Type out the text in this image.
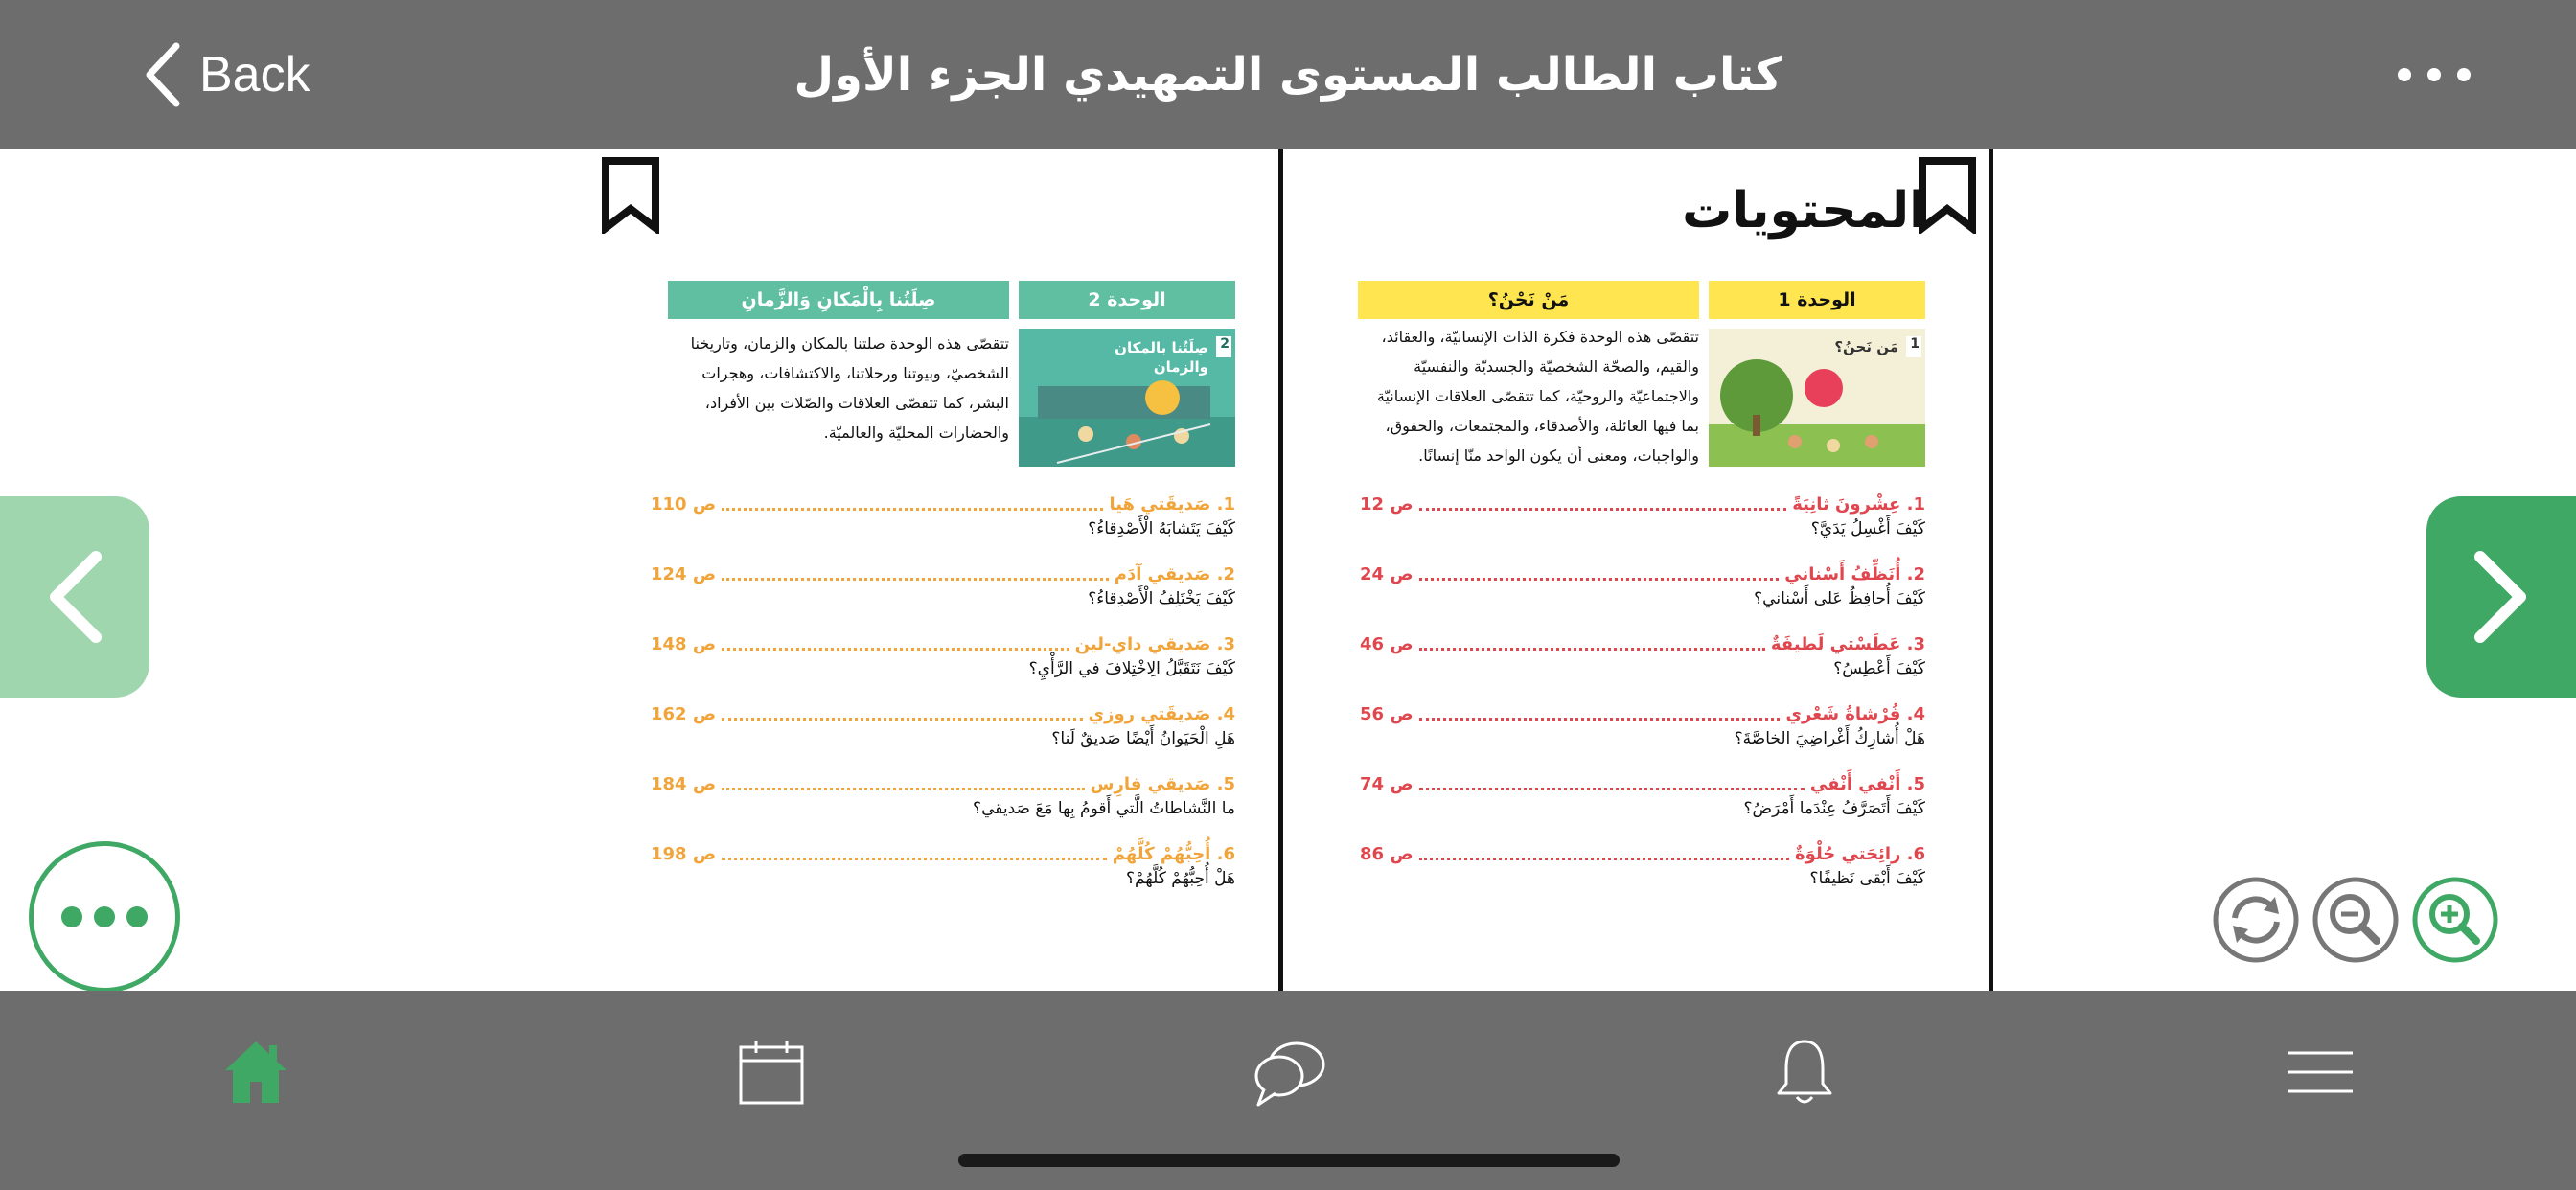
Back	كتاب الطالب المستوى التمهيدي الجزء الأول
الوحدة 2
صِلَتُنا بِالْمَكانِ وَالزَّمانِ
2
صِلَتُنا بالمكان والزمان
تتقصّى هذه الوحدة صلتنا بالمكان والزمان، وتاريخنا
الشخصيّ، وبيوتنا ورحلاتنا، والاكتشافات، وهجرات
البشر، كما تتقصّى العلاقات والصّلات بين الأفراد،
والحضارات المحليّة والعالميّة.
1. صَديقَتي هَيا
ص 110
كَيْفَ يَتَشابَهُ الْأَصْدِقاءُ؟
2. صَديقي آدَم
ص 124
كَيْفَ يَخْتَلِفُ الْأَصْدِقاءُ؟
3. صَديقي داي-لين
ص 148
كَيْفَ نَتَقَبَّلُ الِاخْتِلافَ في الرَّأْيِ؟
4. صَديقَتي روزي
ص 162
هَلِ الْحَيَوانُ أَيْضًا صَديقٌ لَنا؟
5. صَديقي فارِس
ص 184
ما النَّشاطاتُ الَّتي أَقومُ بِها مَعَ صَديقي؟
6. أُحِبُّهُمْ كُلَّهُمْ
ص 198
هَلْ أُحِبُّهُمْ كُلَّهُمْ؟
المحتويات
الوحدة 1
مَنْ نَحْنُ؟
1
مَن نَحنُ؟
تتقصّى هذه الوحدة فكرة الذات الإنسانيّة، والعقائد،
والقيم، والصحّة الشخصيّة والجسديّة والنفسيّة
والاجتماعيّة والروحيّة، كما تتقصّى العلاقات الإنسانيّة
بما فيها العائلة، والأصدقاء، والمجتمعات، والحقوق،
والواجبات، ومعنى أن يكون الواحد منّا إنسانًا.
1. عِشْرونَ ثانِيَةً
ص 12
كَيْفَ أَغْسِلُ يَدَيَّ؟
2. أُنَظِّفُ أَسْناني
ص 24
كَيْفَ أُحافِظُ عَلى أَسْناني؟
3. عَطَسْتي لَطيفَةٌ
ص 46
كَيْفَ أَعْطِسُ؟
4. فُرْشاةُ شَعْري
ص 56
هَلْ أُشارِكُ أَغْراضِيَ الخاصَّةَ؟
5. أَنْفي أَنْفي
ص 74
كَيْفَ أَتَصَرَّفُ عِنْدَما أَمْرَضُ؟
6. رائِحَتي حُلْوَةٌ
ص 86
كَيْفَ أَبْقى نَظيفًا؟
